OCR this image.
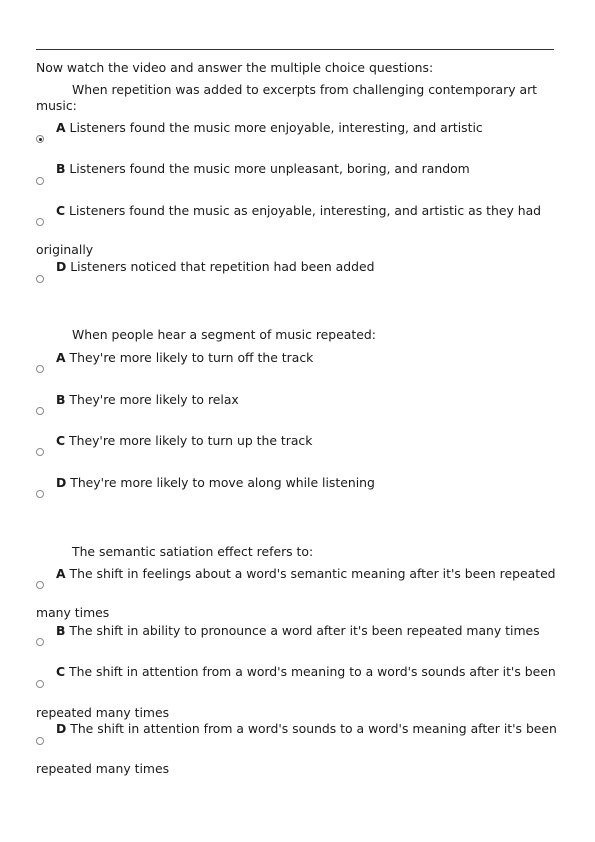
Now watch the video and answer the multiple choice questions:
When repetition was added to excerpts from challenging contemporary art music:
A Listeners found the music more enjoyable, interesting, and artistic
B Listeners found the music more unpleasant, boring, and random
C Listeners found the music as enjoyable, interesting, and artistic as they had
originally
D Listeners noticed that repetition had been added
When people hear a segment of music repeated:
A They're more likely to turn off the track
B They're more likely to relax
C They're more likely to turn up the track
D They're more likely to move along while listening
The semantic satiation effect refers to:
A The shift in feelings about a word's semantic meaning after it's been repeated
many times
B The shift in ability to pronounce a word after it's been repeated many times
C The shift in attention from a word's meaning to a word's sounds after it's been
repeated many times
D The shift in attention from a word's sounds to a word's meaning after it's been
repeated many times
